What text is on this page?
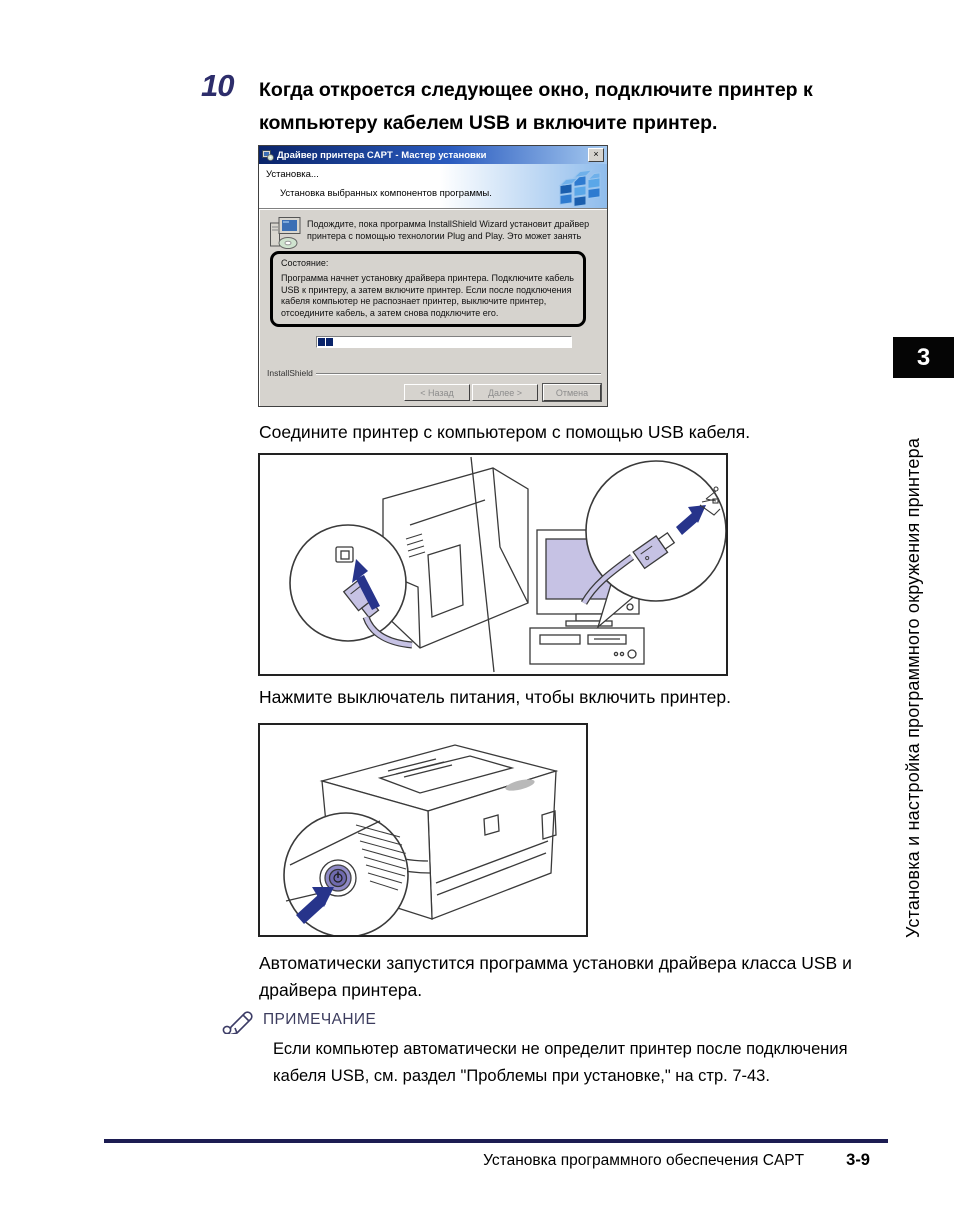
10 Когда откроется следующее окно, подключите принтер к компьютеру кабелем USB и включите принтер.
Драйвер принтера CAPT - Мастер установки	×
Установка...
Установка выбранных компонентов программы.
Подождите, пока программа InstallShield Wizard установит драйвер принтера с помощью технологии Plug and Play. Это может занять
Состояние:
Программа начнет установку драйвера принтера. Подключите кабель USB к принтеру, а затем включите принтер. Если после подключения кабеля компьютер не распознает принтер, выключите принтер, отсоедините кабель, а затем снова подключите его.
InstallShield
< Назад	Далее >	Отмена

Соедините принтер с компьютером с помощью USB кабеля.

Нажмите выключатель питания, чтобы включить принтер.

Автоматически запустится программа установки драйвера класса USB и драйвера принтера.

ПРИМЕЧАНИЕ
Если компьютер автоматически не определит принтер после подключения кабеля USB, см. раздел "Проблемы при установке," на стр. 7-43.
Установка программного обеспечения CAPT	3-9
3
Установка и настройка программного окружения принтера
